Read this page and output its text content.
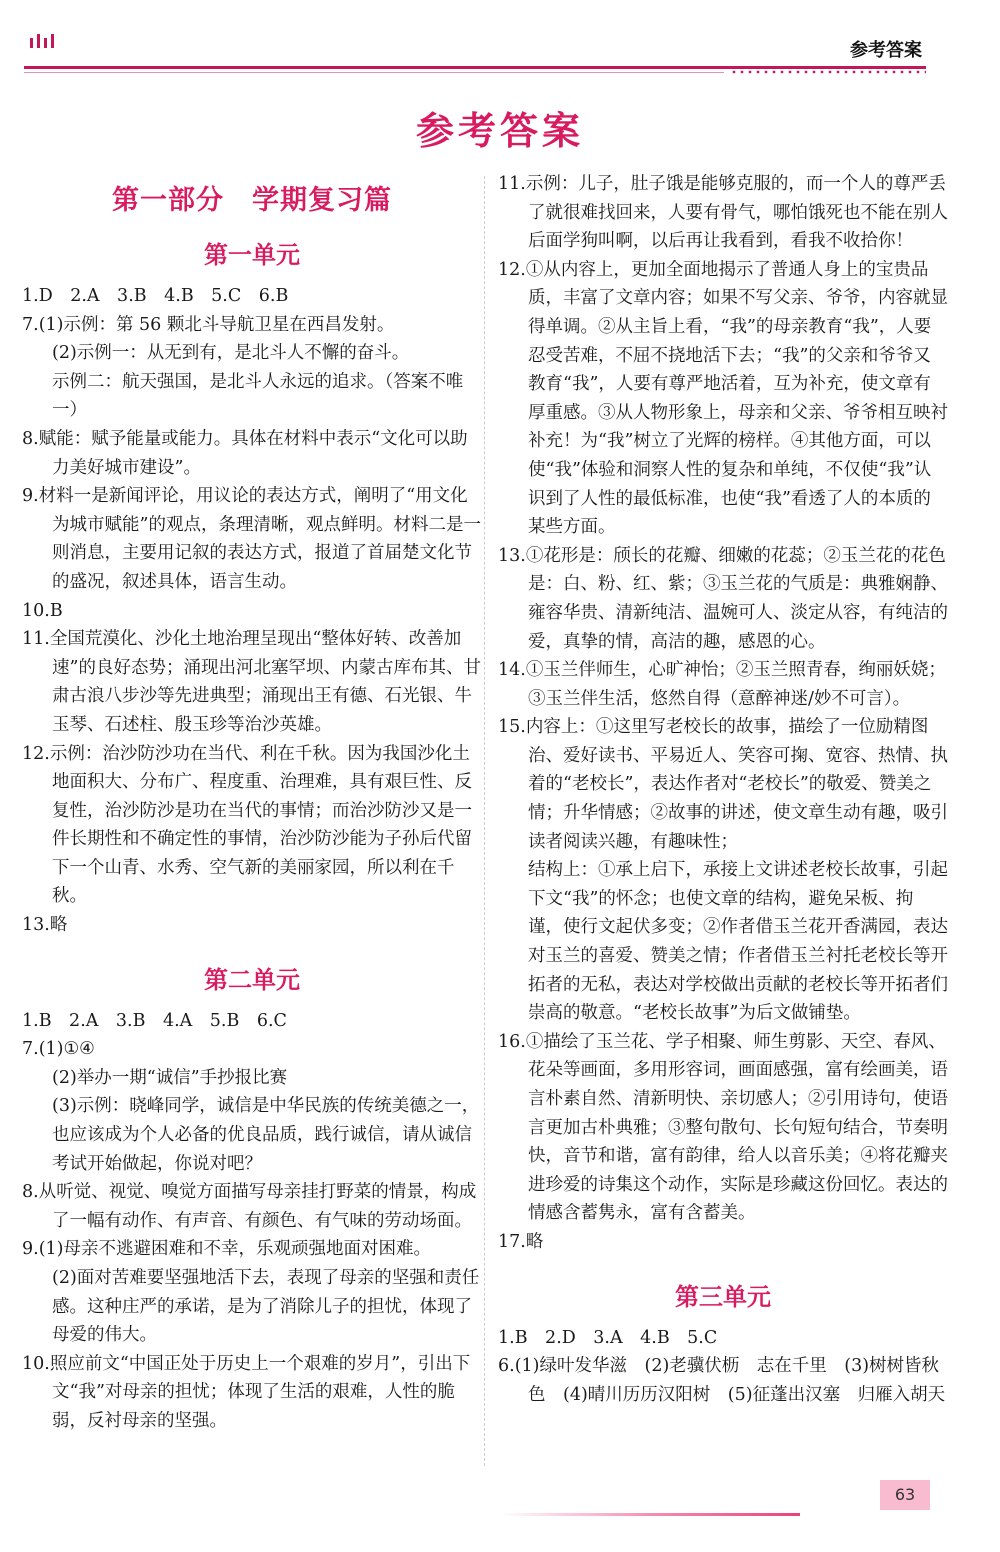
参考答案
参考答案
第一部分　学期复习篇
第一单元
1.D　2.A　3.B　4.B　5.C　6.B
7.(1)示例：第 56 颗北斗导航卫星在西昌发射。
(2)示例一：从无到有，是北斗人不懈的奋斗。
示例二：航天强国，是北斗人永远的追求。（答案不唯一）
8.赋能：赋予能量或能力。具体在材料中表示“文化可以助力美好城市建设”。
9.材料一是新闻评论，用议论的表达方式，阐明了“用文化为城市赋能”的观点，条理清晰，观点鲜明。材料二是一则消息，主要用记叙的表达方式，报道了首届楚文化节的盛况，叙述具体，语言生动。
10.B
11.全国荒漠化、沙化土地治理呈现出“整体好转、改善加速”的良好态势；涌现出河北塞罕坝、内蒙古库布其、甘肃古浪八步沙等先进典型；涌现出王有德、石光银、牛玉琴、石述柱、殷玉珍等治沙英雄。
12.示例：治沙防沙功在当代、利在千秋。因为我国沙化土地面积大、分布广、程度重、治理难，具有艰巨性、反复性，治沙防沙是功在当代的事情；而治沙防沙又是一件长期性和不确定性的事情，治沙防沙能为子孙后代留下一个山青、水秀、空气新的美丽家园，所以利在千秋。
13.略
第二单元
1.B　2.A　3.B　4.A　5.B　6.C
7.(1)①④
(2)举办一期“诚信”手抄报比赛
(3)示例：晓峰同学，诚信是中华民族的传统美德之一，也应该成为个人必备的优良品质，践行诚信，请从诚信考试开始做起，你说对吧？
8.从听觉、视觉、嗅觉方面描写母亲挂打野菜的情景，构成了一幅有动作、有声音、有颜色、有气味的劳动场面。
9.(1)母亲不逃避困难和不幸，乐观顽强地面对困难。
(2)面对苦难要坚强地活下去，表现了母亲的坚强和责任感。这种庄严的承诺，是为了消除儿子的担忧，体现了母爱的伟大。
10.照应前文“中国正处于历史上一个艰难的岁月”，引出下文“我”对母亲的担忧；体现了生活的艰难，人性的脆弱，反衬母亲的坚强。
11.示例：儿子，肚子饿是能够克服的，而一个人的尊严丢了就很难找回来，人要有骨气，哪怕饿死也不能在别人后面学狗叫啊，以后再让我看到，看我不收拾你！
12.①从内容上，更加全面地揭示了普通人身上的宝贵品质，丰富了文章内容；如果不写父亲、爷爷，内容就显得单调。②从主旨上看，“我”的母亲教育“我”，人要忍受苦难，不屈不挠地活下去；“我”的父亲和爷爷又教育“我”，人要有尊严地活着，互为补充，使文章有厚重感。③从人物形象上，母亲和父亲、爷爷相互映衬补充！为“我”树立了光辉的榜样。④其他方面，可以使“我”体验和洞察人性的复杂和单纯，不仅使“我”认识到了人性的最低标准，也使“我”看透了人的本质的某些方面。
13.①花形是：颀长的花瓣、细嫩的花蕊；②玉兰花的花色是：白、粉、红、紫；③玉兰花的气质是：典雅娴静、雍容华贵、清新纯洁、温婉可人、淡定从容，有纯洁的爱，真挚的情，高洁的趣，感恩的心。
14.①玉兰伴师生，心旷神怡；②玉兰照青春，绚丽妖娆；③玉兰伴生活，悠然自得（意醉神迷/妙不可言）。
15.内容上：①这里写老校长的故事，描绘了一位励精图治、爱好读书、平易近人、笑容可掬、宽容、热情、执着的“老校长”，表达作者对“老校长”的敬爱、赞美之情；升华情感；②故事的讲述，使文章生动有趣，吸引读者阅读兴趣，有趣味性；
结构上：①承上启下，承接上文讲述老校长故事，引起下文“我”的怀念；也使文章的结构，避免呆板、拘谨，使行文起伏多变；②作者借玉兰花开香满园，表达对玉兰的喜爱、赞美之情；作者借玉兰衬托老校长等开拓者的无私，表达对学校做出贡献的老校长等开拓者们崇高的敬意。“老校长故事”为后文做铺垫。
16.①描绘了玉兰花、学子相聚、师生剪影、天空、春风、花朵等画面，多用形容词，画面感强，富有绘画美，语言朴素自然、清新明快、亲切感人；②引用诗句，使语言更加古朴典雅；③整句散句、长句短句结合，节奏明快，音节和谐，富有韵律，给人以音乐美；④将花瓣夹进珍爱的诗集这个动作，实际是珍藏这份回忆。表达的情感含蓄隽永，富有含蓄美。
17.略
第三单元
1.B　2.D　3.A　4.B　5.C
6.(1)绿叶发华滋　(2)老骥伏枥　志在千里　(3)树树皆秋色　(4)晴川历历汉阳树　(5)征蓬出汉塞　归雁入胡天
63
